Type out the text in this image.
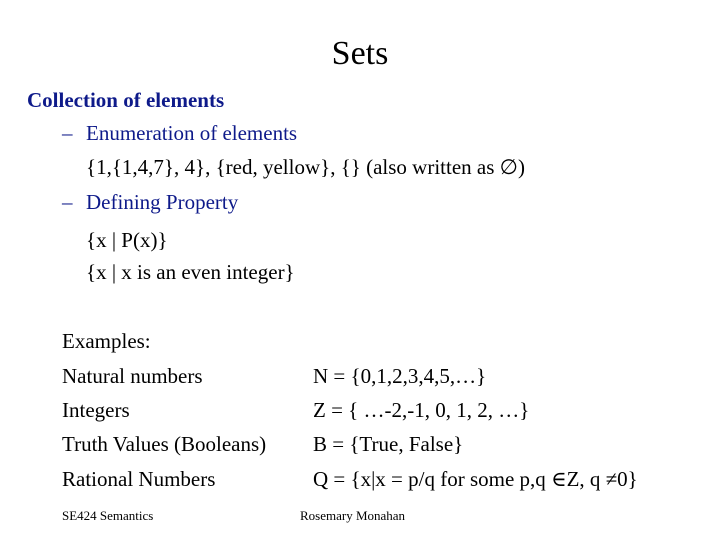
Sets
Collection of elements
– Enumeration of elements
{1,{1,4,7}, 4}, {red, yellow}, {} (also written as ∅)
– Defining Property
{x | P(x)}
{x | x is an even integer}
Examples:
Natural numbers	N = {0,1,2,3,4,5,…}
Integers	Z = { …-2,-1, 0, 1, 2, …}
Truth Values (Booleans) B = {True, False}
Rational Numbers	Q = {x|x = p/q for some p,q ∈Z, q ≠0}
SE424 Semantics	Rosemary Monahan
